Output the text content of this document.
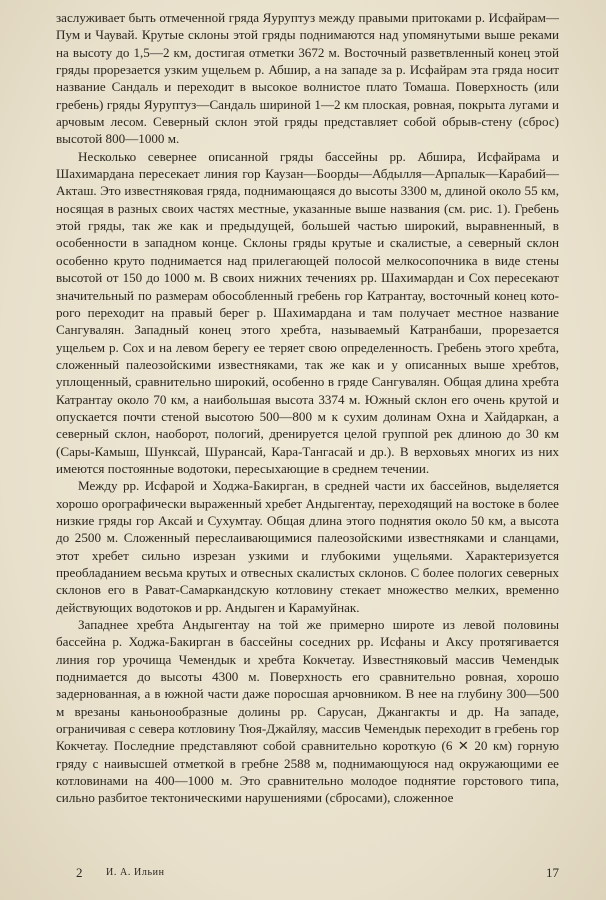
заслуживает быть отмеченной гряда Яуруптуз между правыми притоками р. Исфайрам—Пум и Чаувай. Крутые склоны этой гряды поднимаются над упомянутыми выше реками на высоту до 1,5—2 км, достигая отметки 3672 м. Восточный разветвленный конец этой гряды прорезается узким ущельем р. Абшир, а на западе за р. Исфайрам эта гряда носит название Сандаль и переходит в высокое волнистое плато Томаша. Поверхность (или гребень) гряды Яуруптуз—Сандаль шириной 1—2 км плоская, ровная, покрыта лугами и арчовым лесом. Северный склон этой гряды представляет собой обрыв-стену (сброс) высотой 800—1000 м.

Несколько севернее описанной гряды бассейны рр. Абшира, Исфайрама и Шахимардана пересекает линия гор Каузан—Боорды—Абдылля—Арпалык—Карабий—Акташ. Это известняковая гряда, поднимающаяся до высоты 3300 м, длиной около 55 км, носящая в разных своих частях местные, указанные выше названия (см. рис. 1). Гребень этой гряды, так же как и предыдущей, большей частью широкий, выравненный, в особенности в западном конце. Склоны гряды крутые и скалистые, а северный склон особенно круто поднимается над прилегающей полосой мелкосопочника в виде стены высотой от 150 до 1000 м. В своих нижних течениях рр. Шахимардан и Сох пересекают значительный по размерам обособленный гребень гор Катрантау, восточный конец которого переходит на правый берег р. Шахимардана и там получает местное название Сангувалян. Западный конец этого хребта, называемый Катранбаши, прорезается ущельем р. Сох и на левом берегу ее теряет свою определенность. Гребень этого хребта, сложенный палеозойскими известняками, так же как и у описанных выше хребтов, уплощенный, сравнительно широкий, особенно в гряде Сангувалян. Общая длина хребта Катрантау около 70 км, а наибольшая высота 3374 м. Южный склон его очень крутой и опускается почти стеной высотою 500—800 м к сухим долинам Охна и Хайдаркан, а северный склон, наоборот, пологий, дренируется целой группой рек длиною до 30 км (Сары-Камыш, Шунксай, Шурансай, Кара-Тангасай и др.). В верховьях многих из них имеются постоянные водотоки, пересыхающие в среднем течении.

Между рр. Исфарой и Ходжа-Бакирган, в средней части их бассейнов, выделяется хорошо орографически выраженный хребет Андыгентау, переходящий на востоке в более низкие гряды гор Аксай и Сухумтау. Общая длина этого поднятия около 50 км, а высота до 2500 м. Сложенный переслаивающимися палеозойскими известняками и сланцами, этот хребет сильно изрезан узкими и глубокими ущельями. Характеризуется преобладанием весьма крутых и отвесных скалистых склонов. С более пологих северных склонов его в Рават-Самаркандскую котловину стекает множество мелких, временно действующих водотоков и рр. Андыген и Карамуйнак.

Западнее хребта Андыгентау на той же примерно широте из левой половины бассейна р. Ходжа-Бакирган в бассейны соседних рр. Исфаны и Аксу протягивается линия гор урочища Чемендык и хребта Кокчетау. Известняковый массив Чемендык поднимается до высоты 4300 м. Поверхность его сравнительно ровная, хорошо задернованная, а в южной части даже поросшая арчовником. В нее на глубину 300—500 м врезаны каньонообразные долины рр. Сарусан, Джангакты и др. На западе, ограничивая с севера котловину Тюя-Джайляу, массив Чемендык переходит в гребень гор Кокчетау. Последние представляют собой сравнительно короткую (6 ✕ 20 км) горную гряду с наивысшей отметкой в гребне 2588 м, поднимающуюся над окружающими ее котловинами на 400—1000 м. Это сравнительно молодое поднятие горстового типа, сильно разбитое тектоническими нарушениями (сбросами), сложенное

2 И. А. Ильин	17
